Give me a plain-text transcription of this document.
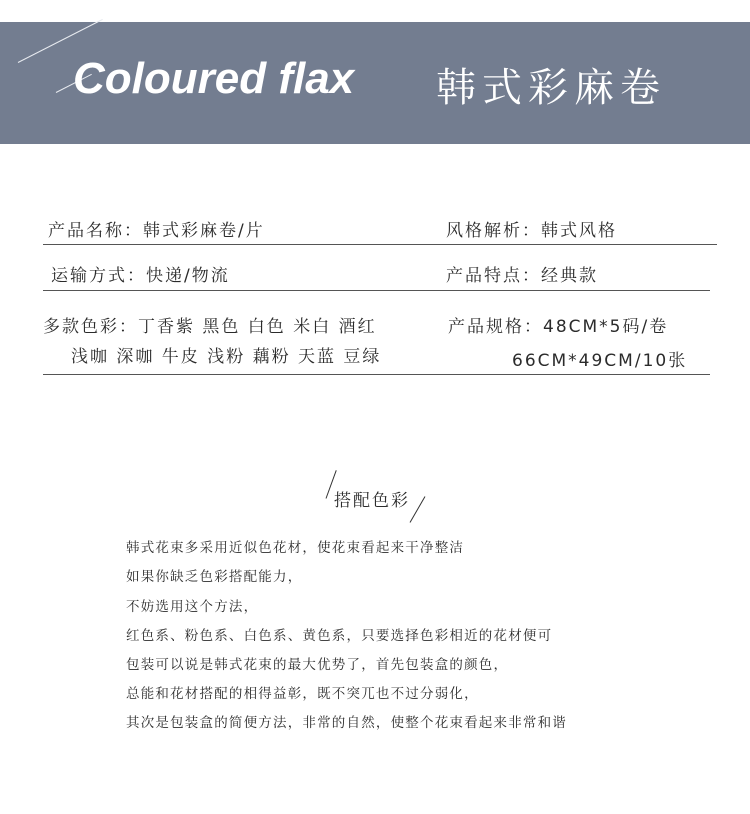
Coloured flax 韩式彩麻卷
产品名称：韩式彩麻卷/片	风格解析：韩式风格
运输方式：快递/物流	产品特点：经典款
多款色彩：丁香紫 黑色 白色 米白 酒红
浅咖 深咖 牛皮 浅粉 藕粉 天蓝 豆绿
产品规格：48CM*5码/卷
66CM*49CM/10张
搭配色彩
韩式花束多采用近似色花材，使花束看起来干净整洁
如果你缺乏色彩搭配能力，
不妨选用这个方法，
红色系、粉色系、白色系、黄色系，只要选择色彩相近的花材便可
包装可以说是韩式花束的最大优势了，首先包装盒的颜色，
总能和花材搭配的相得益彰，既不突兀也不过分弱化，
其次是包装盒的简便方法，非常的自然，使整个花束看起来非常和谐
